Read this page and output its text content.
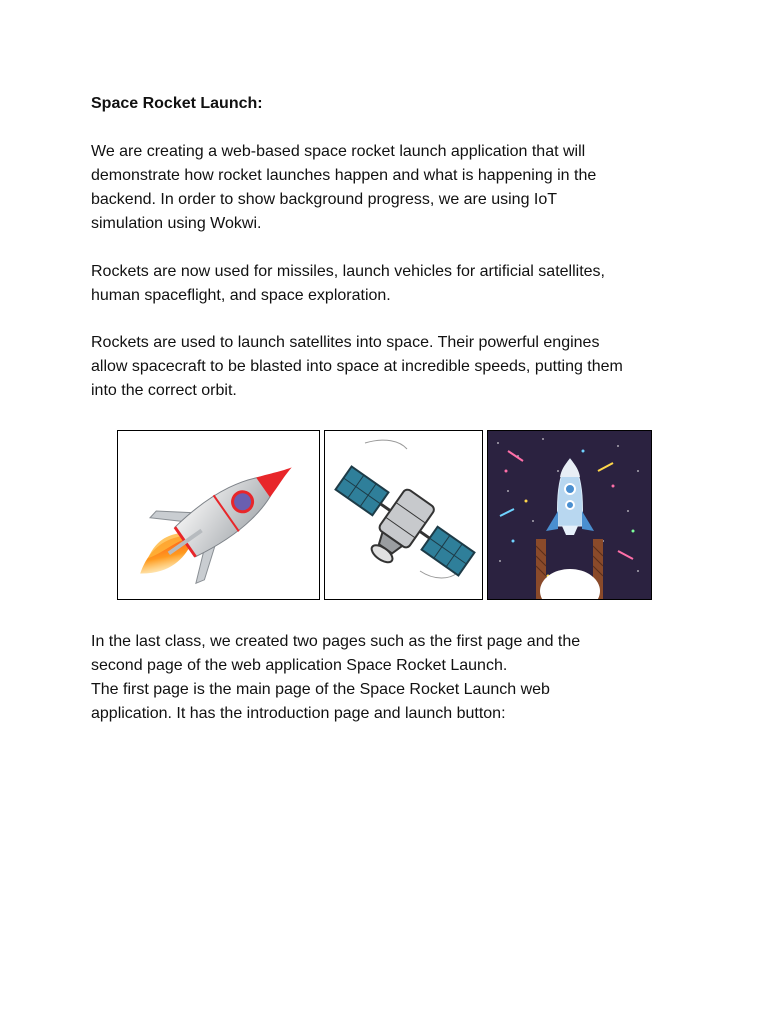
Space Rocket Launch:

We are creating a web-based space rocket launch application that will
demonstrate how rocket launches happen and what is happening in the
backend. In order to show background progress, we are using IoT
simulation using Wokwi.

Rockets are now used for missiles, launch vehicles for artificial satellites,
human spaceflight, and space exploration.

Rockets are used to launch satellites into space. Their powerful engines
allow spacecraft to be blasted into space at incredible speeds, putting them
into the correct orbit.

In the last class, we created two pages such as the first page and the
second page of the web application Space Rocket Launch.
The first page is the main page of the Space Rocket Launch web
application. It has the introduction page and launch button:
